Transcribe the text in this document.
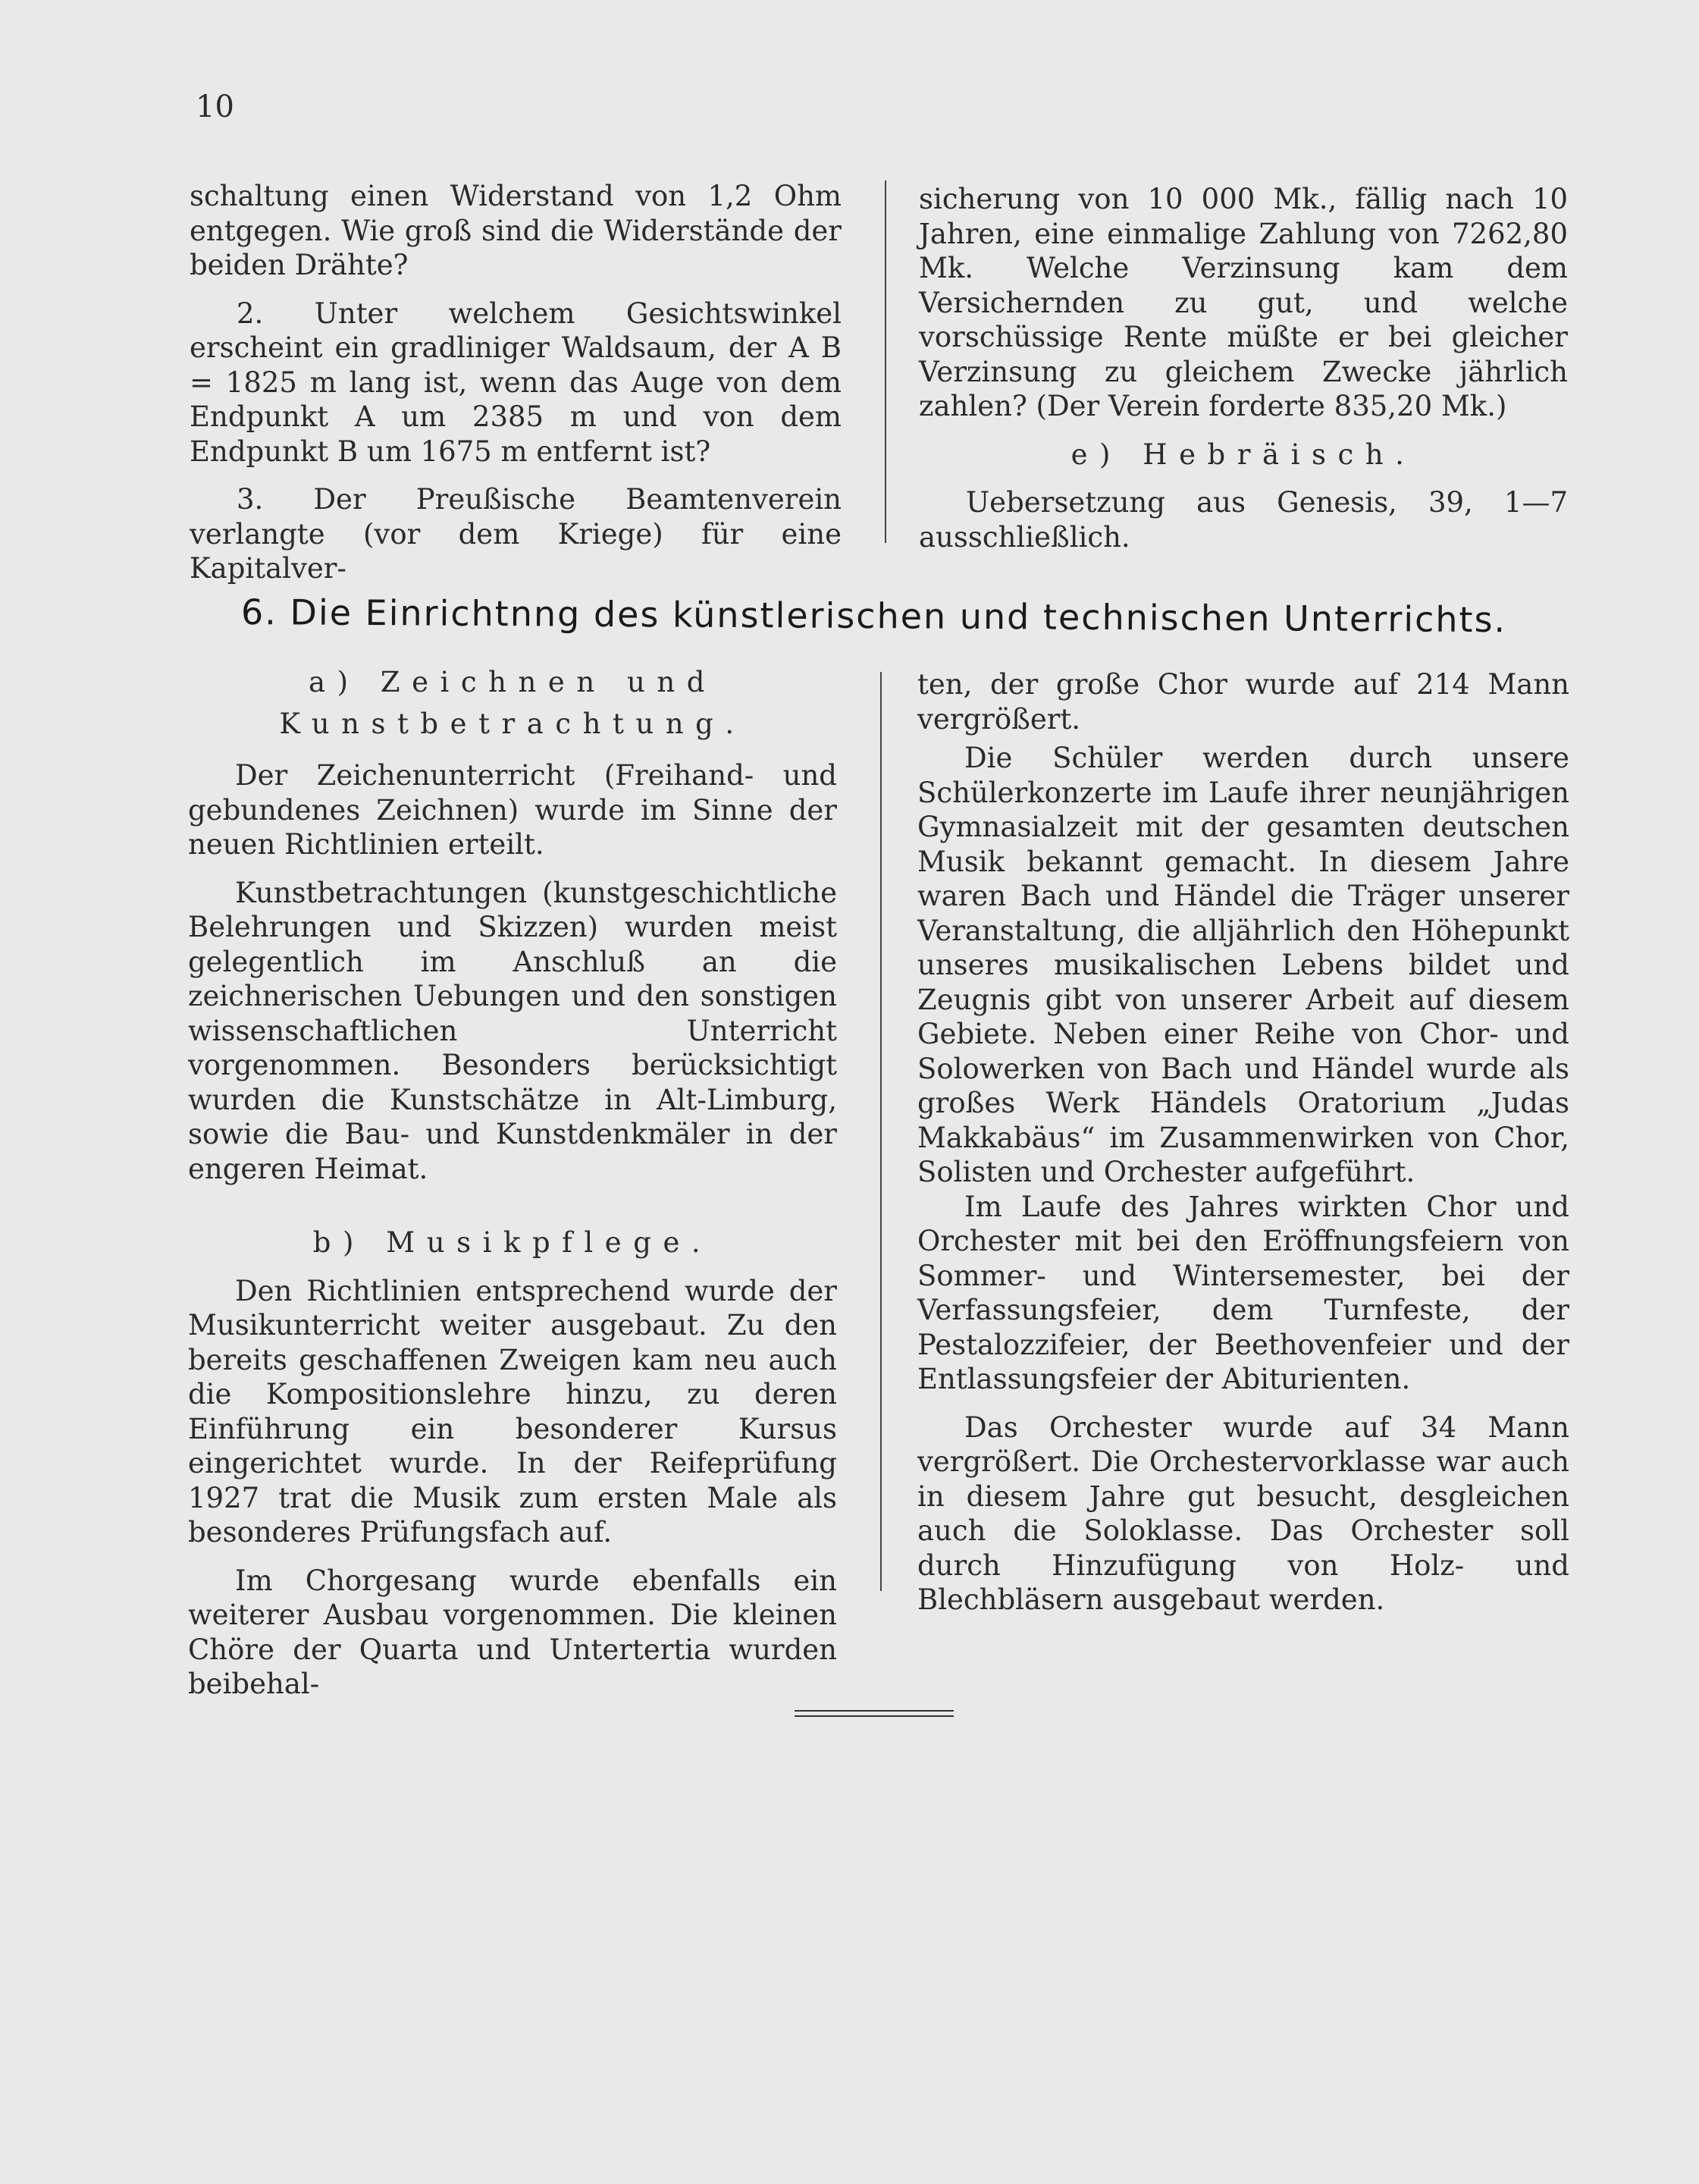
10

schaltung einen Widerstand von 1,2 Ohm entgegen. Wie groß sind die Widerstände der beiden Drähte?

2. Unter welchem Gesichtswinkel erscheint ein gradliniger Waldsaum, der A B = 1825 m lang ist, wenn das Auge von dem Endpunkt A um 2385 m und von dem Endpunkt B um 1675 m entfernt ist?

3. Der Preußische Beamtenverein verlangte (vor dem Kriege) für eine Kapitalver-

sicherung von 10 000 Mk., fällig nach 10 Jahren, eine einmalige Zahlung von 7262,80 Mk. Welche Verzinsung kam dem Versichernden zu gut, und welche vorschüssige Rente müßte er bei gleicher Verzinsung zu gleichem Zwecke jährlich zahlen? (Der Verein forderte 835,20 Mk.)

e) Hebräisch.

Uebersetzung aus Genesis, 39, 1—7 ausschließlich.

6. Die Einrichtnng des künstlerischen und technischen Unterrichts.

a) Zeichnen und Kunstbetrachtung.

Der Zeichenunterricht (Freihand- und gebundenes Zeichnen) wurde im Sinne der neuen Richtlinien erteilt.

Kunstbetrachtungen (kunstgeschichtliche Belehrungen und Skizzen) wurden meist gelegentlich im Anschluß an die zeichnerischen Uebungen und den sonstigen wissenschaftlichen Unterricht vorgenommen. Besonders berücksichtigt wurden die Kunstschätze in Alt-Limburg, sowie die Bau- und Kunstdenkmäler in der engeren Heimat.

b) Musikpflege.

Den Richtlinien entsprechend wurde der Musikunterricht weiter ausgebaut. Zu den bereits geschaffenen Zweigen kam neu auch die Kompositionslehre hinzu, zu deren Einführung ein besonderer Kursus eingerichtet wurde. In der Reifeprüfung 1927 trat die Musik zum ersten Male als besonderes Prüfungsfach auf.

Im Chorgesang wurde ebenfalls ein weiterer Ausbau vorgenommen. Die kleinen Chöre der Quarta und Untertertia wurden beibehal-

ten, der große Chor wurde auf 214 Mann vergrößert.

Die Schüler werden durch unsere Schülerkonzerte im Laufe ihrer neunjährigen Gymnasialzeit mit der gesamten deutschen Musik bekannt gemacht. In diesem Jahre waren Bach und Händel die Träger unserer Veranstaltung, die alljährlich den Höhepunkt unseres musikalischen Lebens bildet und Zeugnis gibt von unserer Arbeit auf diesem Gebiete. Neben einer Reihe von Chor- und Solowerken von Bach und Händel wurde als großes Werk Händels Oratorium „Judas Makkabäus“ im Zusammenwirken von Chor, Solisten und Orchester aufgeführt.

Im Laufe des Jahres wirkten Chor und Orchester mit bei den Eröffnungsfeiern von Sommer- und Wintersemester, bei der Verfassungsfeier, dem Turnfeste, der Pestalozzifeier, der Beethovenfeier und der Entlassungsfeier der Abiturienten.

Das Orchester wurde auf 34 Mann vergrößert. Die Orchestervorklasse war auch in diesem Jahre gut besucht, desgleichen auch die Soloklasse. Das Orchester soll durch Hinzufügung von Holz- und Blechbläsern ausgebaut werden.
